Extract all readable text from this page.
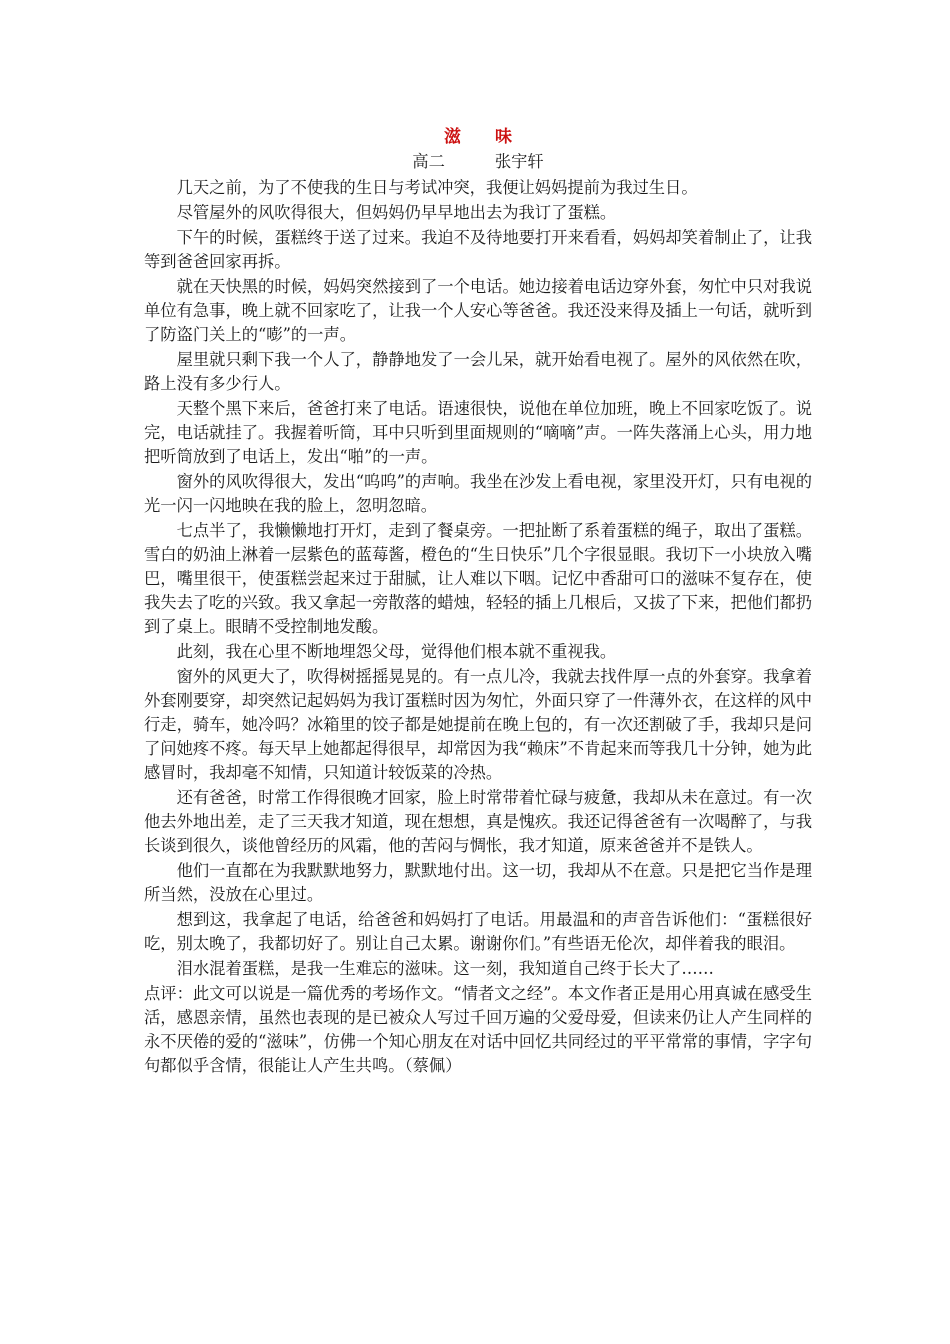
滋 味
高二	张宇轩

几天之前，为了不使我的生日与考试冲突，我便让妈妈提前为我过生日。

尽管屋外的风吹得很大，但妈妈仍早早地出去为我订了蛋糕。

下午的时候，蛋糕终于送了过来。我迫不及待地要打开来看看，妈妈却笑着制止了，让我等到爸爸回家再拆。

就在天快黑的时候，妈妈突然接到了一个电话。她边接着电话边穿外套，匆忙中只对我说单位有急事，晚上就不回家吃了，让我一个人安心等爸爸。我还没来得及插上一句话，就听到了防盗门关上的“嘭”的一声。

屋里就只剩下我一个人了，静静地发了一会儿呆，就开始看电视了。屋外的风依然在吹，路上没有多少行人。

天整个黑下来后，爸爸打来了电话。语速很快，说他在单位加班，晚上不回家吃饭了。说完，电话就挂了。我握着听筒，耳中只听到里面规则的“嘀嘀”声。一阵失落涌上心头，用力地把听筒放到了电话上，发出“啪”的一声。

窗外的风吹得很大，发出“呜呜”的声响。我坐在沙发上看电视，家里没开灯，只有电视的光一闪一闪地映在我的脸上，忽明忽暗。

七点半了，我懒懒地打开灯，走到了餐桌旁。一把扯断了系着蛋糕的绳子，取出了蛋糕。雪白的奶油上淋着一层紫色的蓝莓酱，橙色的“生日快乐”几个字很显眼。我切下一小块放入嘴巴，嘴里很干，使蛋糕尝起来过于甜腻，让人难以下咽。记忆中香甜可口的滋味不复存在，使我失去了吃的兴致。我又拿起一旁散落的蜡烛，轻轻的插上几根后，又拔了下来，把他们都扔到了桌上。眼睛不受控制地发酸。

此刻，我在心里不断地埋怨父母，觉得他们根本就不重视我。

窗外的风更大了，吹得树摇摇晃晃的。有一点儿冷，我就去找件厚一点的外套穿。我拿着外套刚要穿，却突然记起妈妈为我订蛋糕时因为匆忙，外面只穿了一件薄外衣，在这样的风中行走，骑车，她冷吗？冰箱里的饺子都是她提前在晚上包的，有一次还割破了手，我却只是问了问她疼不疼。每天早上她都起得很早，却常因为我“赖床”不肯起来而等我几十分钟，她为此感冒时，我却毫不知情，只知道计较饭菜的冷热。

还有爸爸，时常工作得很晚才回家，脸上时常带着忙碌与疲惫，我却从未在意过。有一次他去外地出差，走了三天我才知道，现在想想，真是愧疚。我还记得爸爸有一次喝醉了，与我长谈到很久，谈他曾经历的风霜，他的苦闷与惆怅，我才知道，原来爸爸并不是铁人。

他们一直都在为我默默地努力，默默地付出。这一切，我却从不在意。只是把它当作是理所当然，没放在心里过。

想到这，我拿起了电话，给爸爸和妈妈打了电话。用最温和的声音告诉他们：“蛋糕很好吃，别太晚了，我都切好了。别让自己太累。谢谢你们。”有些语无伦次，却伴着我的眼泪。

泪水混着蛋糕，是我一生难忘的滋味。这一刻，我知道自己终于长大了……

点评：此文可以说是一篇优秀的考场作文。“情者文之经”。本文作者正是用心用真诚在感受生活，感恩亲情，虽然也表现的是已被众人写过千回万遍的父爱母爱，但读来仍让人产生同样的永不厌倦的爱的“滋味”，仿佛一个知心朋友在对话中回忆共同经过的平平常常的事情，字字句句都似乎含情，很能让人产生共鸣。（蔡佩）
